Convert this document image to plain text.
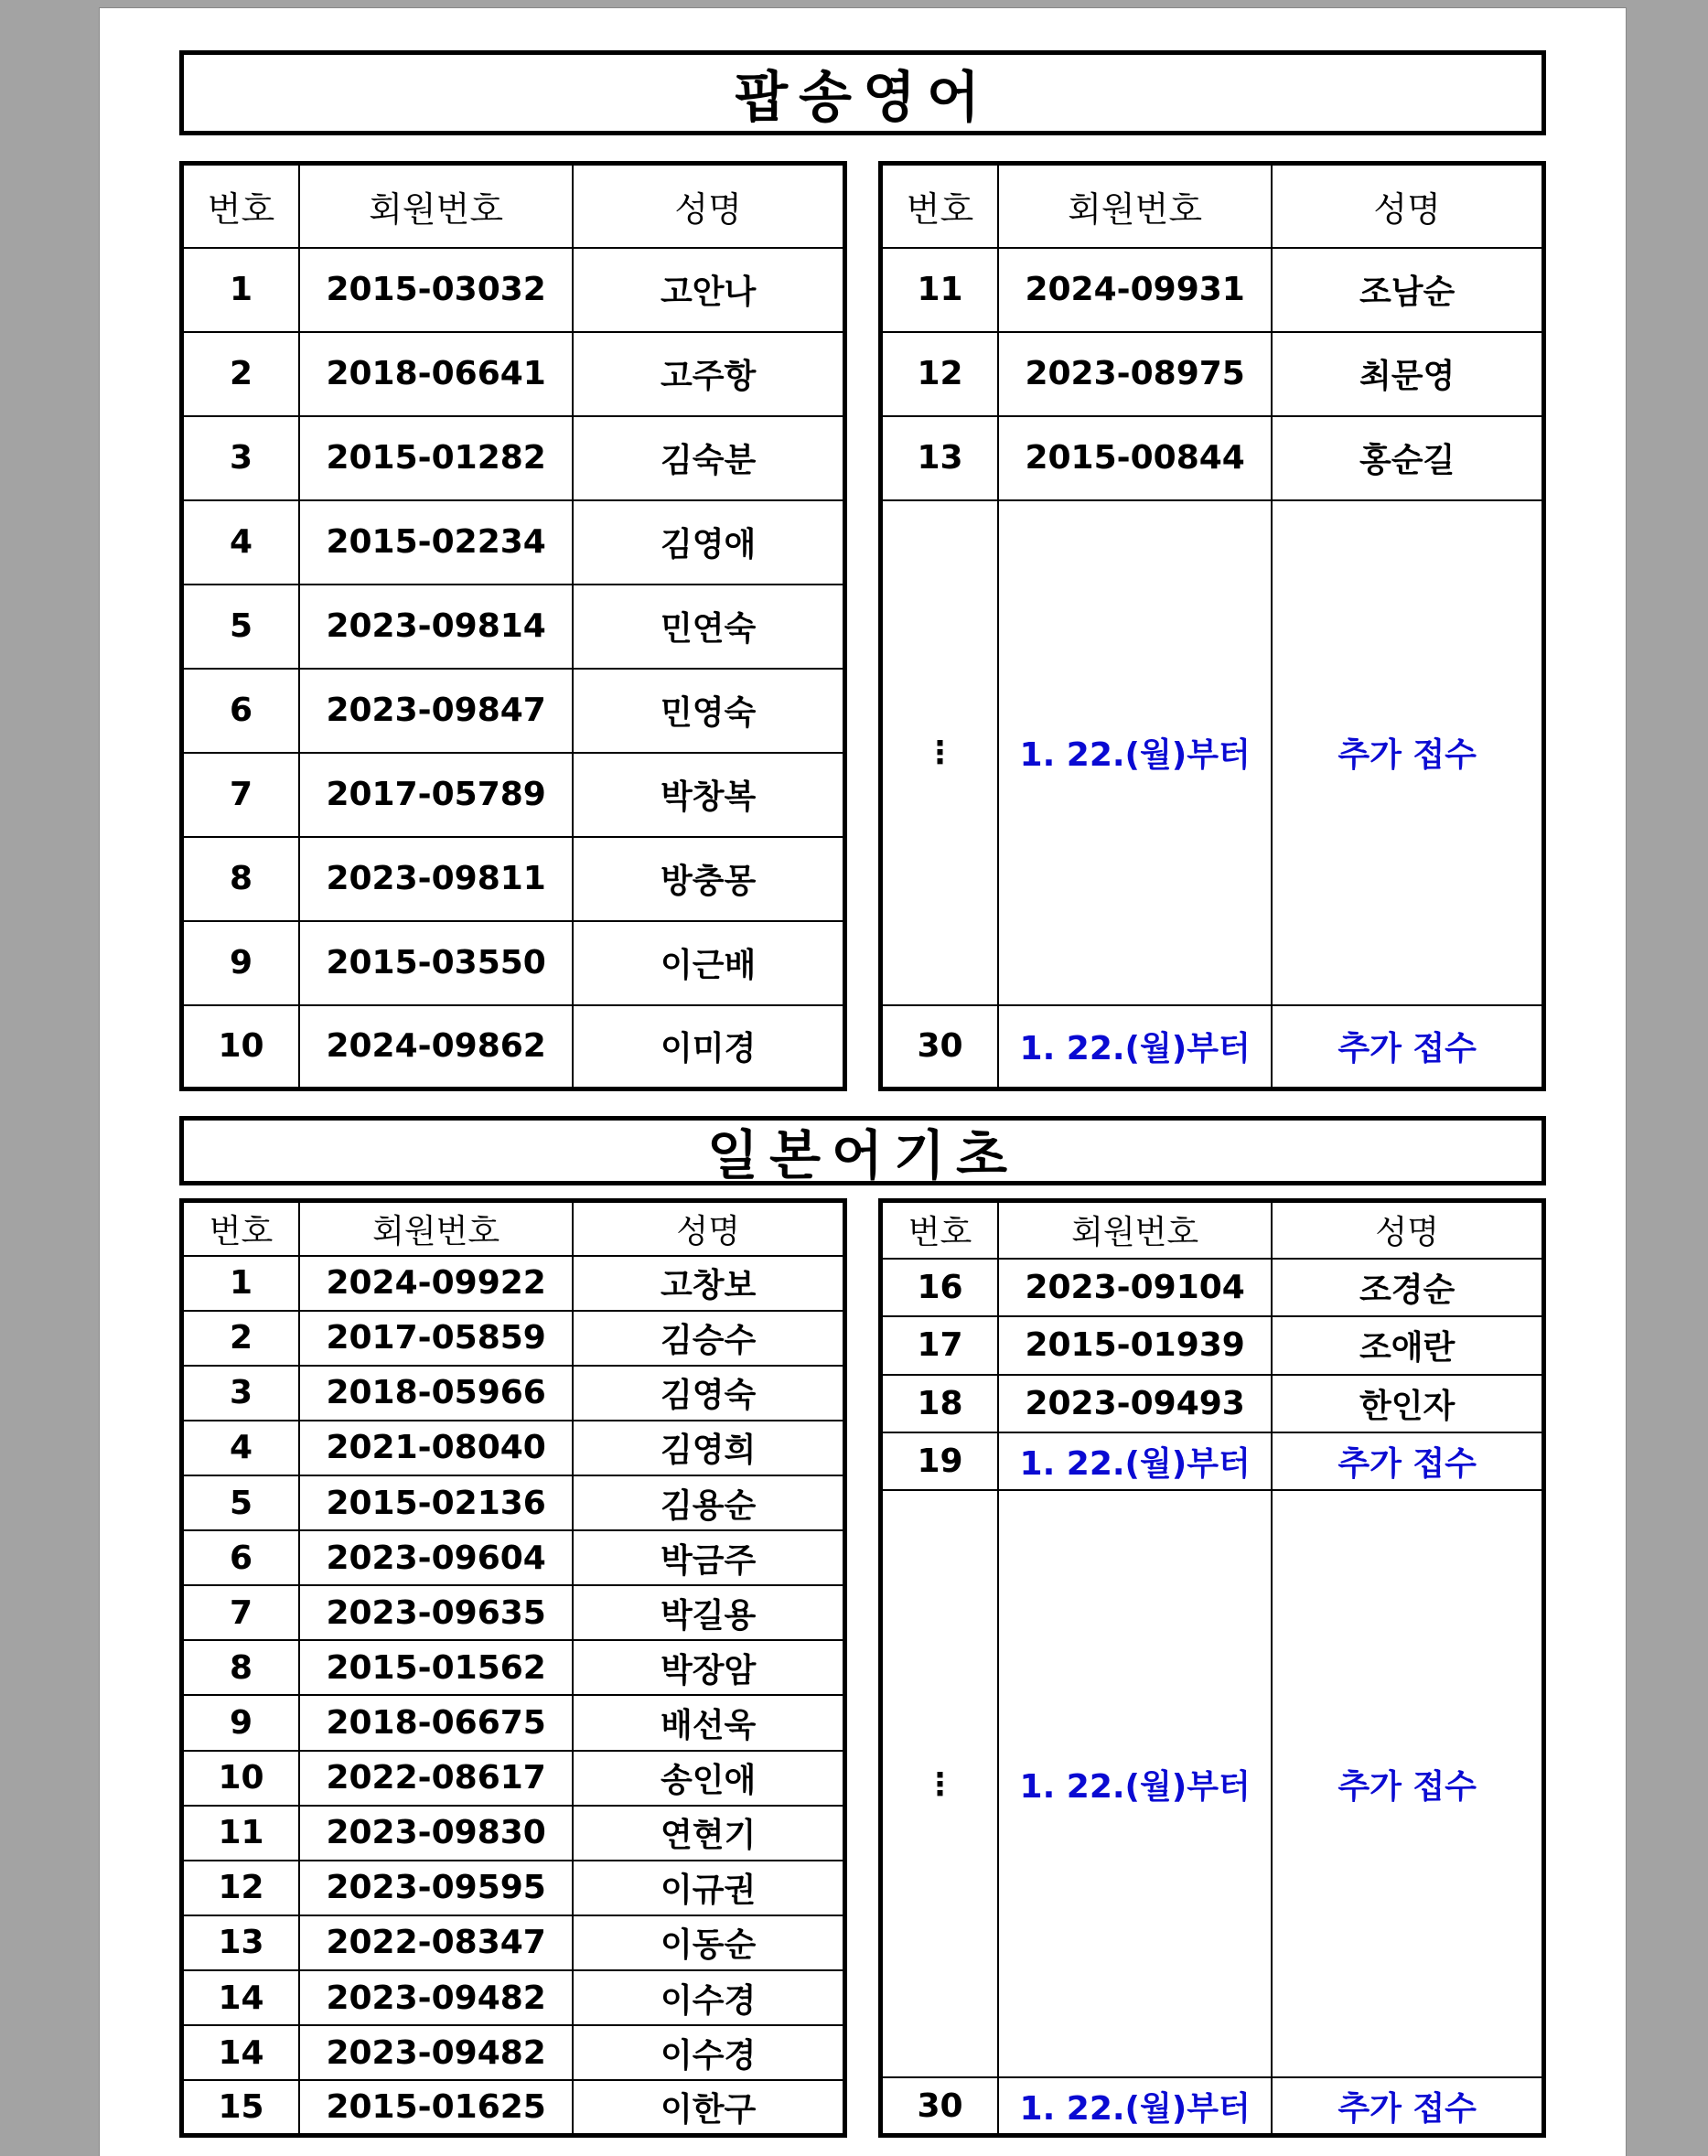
팝송영어
번호	회원번호	성명
1	2015-03032	고안나
2	2018-06641	고주항
3	2015-01282	김숙분
4	2015-02234	김영애
5	2023-09814	민연숙
6	2023-09847	민영숙
7	2017-05789	박창복
8	2023-09811	방충몽
9	2015-03550	이근배
10	2024-09862	이미경
번호	회원번호	성명
11	2024-09931	조남순
12	2023-08975	최문영
13	2015-00844	홍순길
⋮	1. 22.(월)부터	추가 접수
30	1. 22.(월)부터	추가 접수
일본어기초
번호	회원번호	성명
1	2024-09922	고창보
2	2017-05859	김승수
3	2018-05966	김영숙
4	2021-08040	김영희
5	2015-02136	김용순
6	2023-09604	박금주
7	2023-09635	박길용
8	2015-01562	박장암
9	2018-06675	배선욱
10	2022-08617	송인애
11	2023-09830	연현기
12	2023-09595	이규권
13	2022-08347	이동순
14	2023-09482	이수경
14	2023-09482	이수경
15	2015-01625	이한구
번호	회원번호	성명
16	2023-09104	조경순
17	2015-01939	조애란
18	2023-09493	한인자
19	1. 22.(월)부터	추가 접수
⋮	1. 22.(월)부터	추가 접수
30	1. 22.(월)부터	추가 접수
